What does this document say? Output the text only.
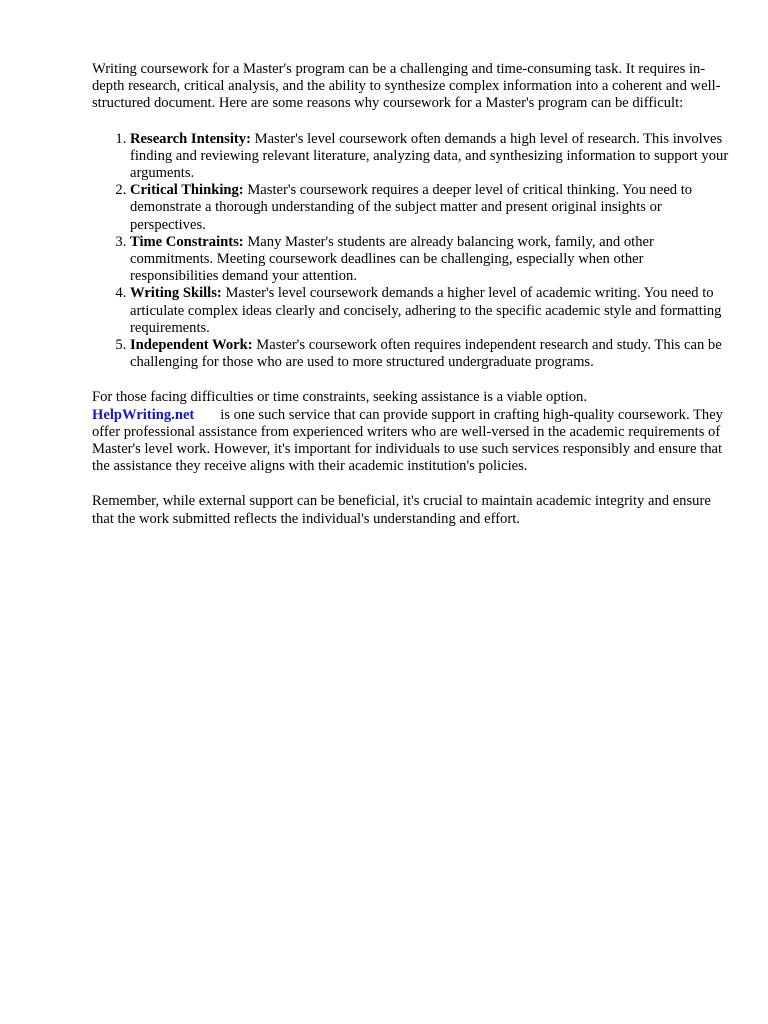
Writing coursework for a Master's program can be a challenging and time-consuming task. It requires in-depth research, critical analysis, and the ability to synthesize complex information into a coherent and well-structured document. Here are some reasons why coursework for a Master's program can be difficult:

1. Research Intensity: Master's level coursework often demands a high level of research. This involves finding and reviewing relevant literature, analyzing data, and synthesizing information to support your arguments.
2. Critical Thinking: Master's coursework requires a deeper level of critical thinking. You need to demonstrate a thorough understanding of the subject matter and present original insights or perspectives.
3. Time Constraints: Many Master's students are already balancing work, family, and other commitments. Meeting coursework deadlines can be challenging, especially when other responsibilities demand your attention.
4. Writing Skills: Master's level coursework demands a higher level of academic writing. You need to articulate complex ideas clearly and concisely, adhering to the specific academic style and formatting requirements.
5. Independent Work: Master's coursework often requires independent research and study. This can be challenging for those who are used to more structured undergraduate programs.

For those facing difficulties or time constraints, seeking assistance is a viable option.
HelpWriting.net is one such service that can provide support in crafting high-quality coursework. They offer professional assistance from experienced writers who are well-versed in the academic requirements of Master's level work. However, it's important for individuals to use such services responsibly and ensure that the assistance they receive aligns with their academic institution's policies.

Remember, while external support can be beneficial, it's crucial to maintain academic integrity and ensure that the work submitted reflects the individual's understanding and effort.
